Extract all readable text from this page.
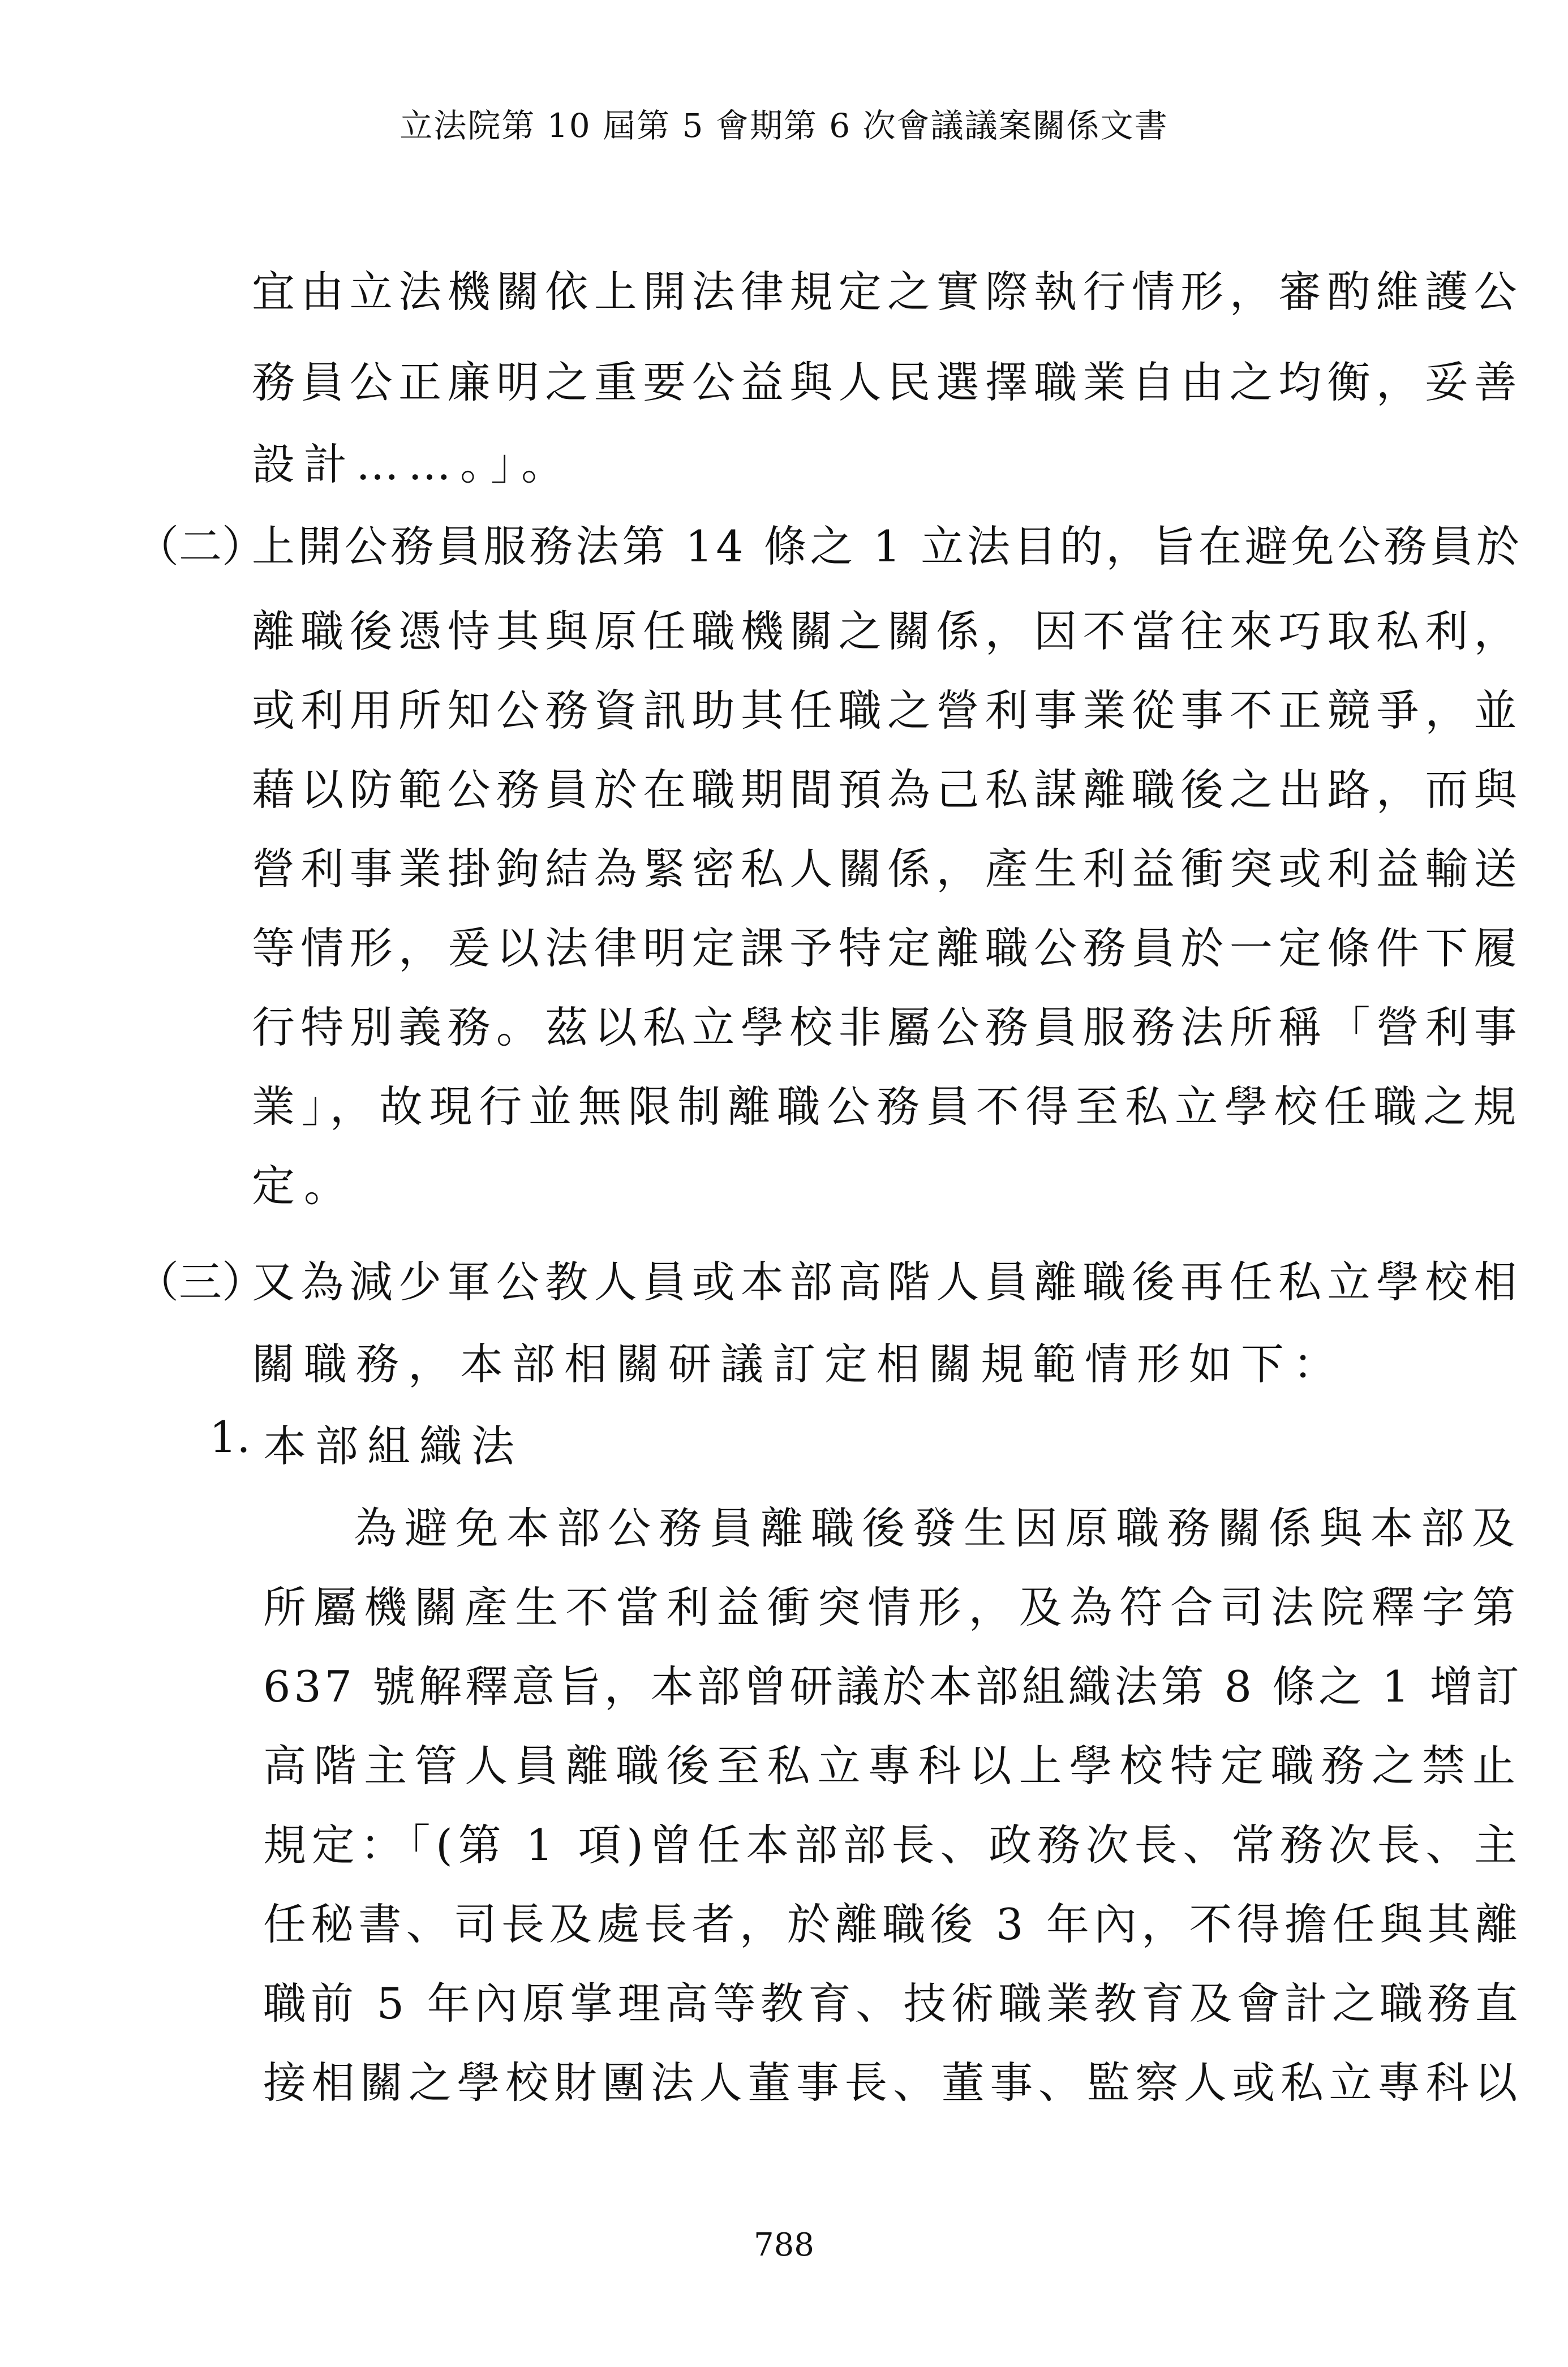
立法院第 10 屆第 5 會期第 6 次會議議案關係文書
宜由立法機關依上開法律規定之實際執行情形，審酌維護公
務員公正廉明之重要公益與人民選擇職業自由之均衡，妥善
設計……。」。
（二）
上開公務員服務法第 14 條之 1 立法目的，旨在避免公務員於
離職後憑恃其與原任職機關之關係，因不當往來巧取私利，
或利用所知公務資訊助其任職之營利事業從事不正競爭，並
藉以防範公務員於在職期間預為己私謀離職後之出路，而與
營利事業掛鉤結為緊密私人關係，產生利益衝突或利益輸送
等情形，爰以法律明定課予特定離職公務員於一定條件下履
行特別義務。茲以私立學校非屬公務員服務法所稱「營利事
業」，故現行並無限制離職公務員不得至私立學校任職之規
定。
（三）
又為減少軍公教人員或本部高階人員離職後再任私立學校相
關職務，本部相關研議訂定相關規範情形如下：
1. 本部組織法
為避免本部公務員離職後發生因原職務關係與本部及
所屬機關產生不當利益衝突情形，及為符合司法院釋字第
637 號解釋意旨，本部曾研議於本部組織法第 8 條之 1 增訂
高階主管人員離職後至私立專科以上學校特定職務之禁止
規定：「(第 1 項)曾任本部部長、政務次長、常務次長、主
任秘書、司長及處長者，於離職後 3 年內，不得擔任與其離
職前 5 年內原掌理高等教育、技術職業教育及會計之職務直
接相關之學校財團法人董事長、董事、監察人或私立專科以
788
